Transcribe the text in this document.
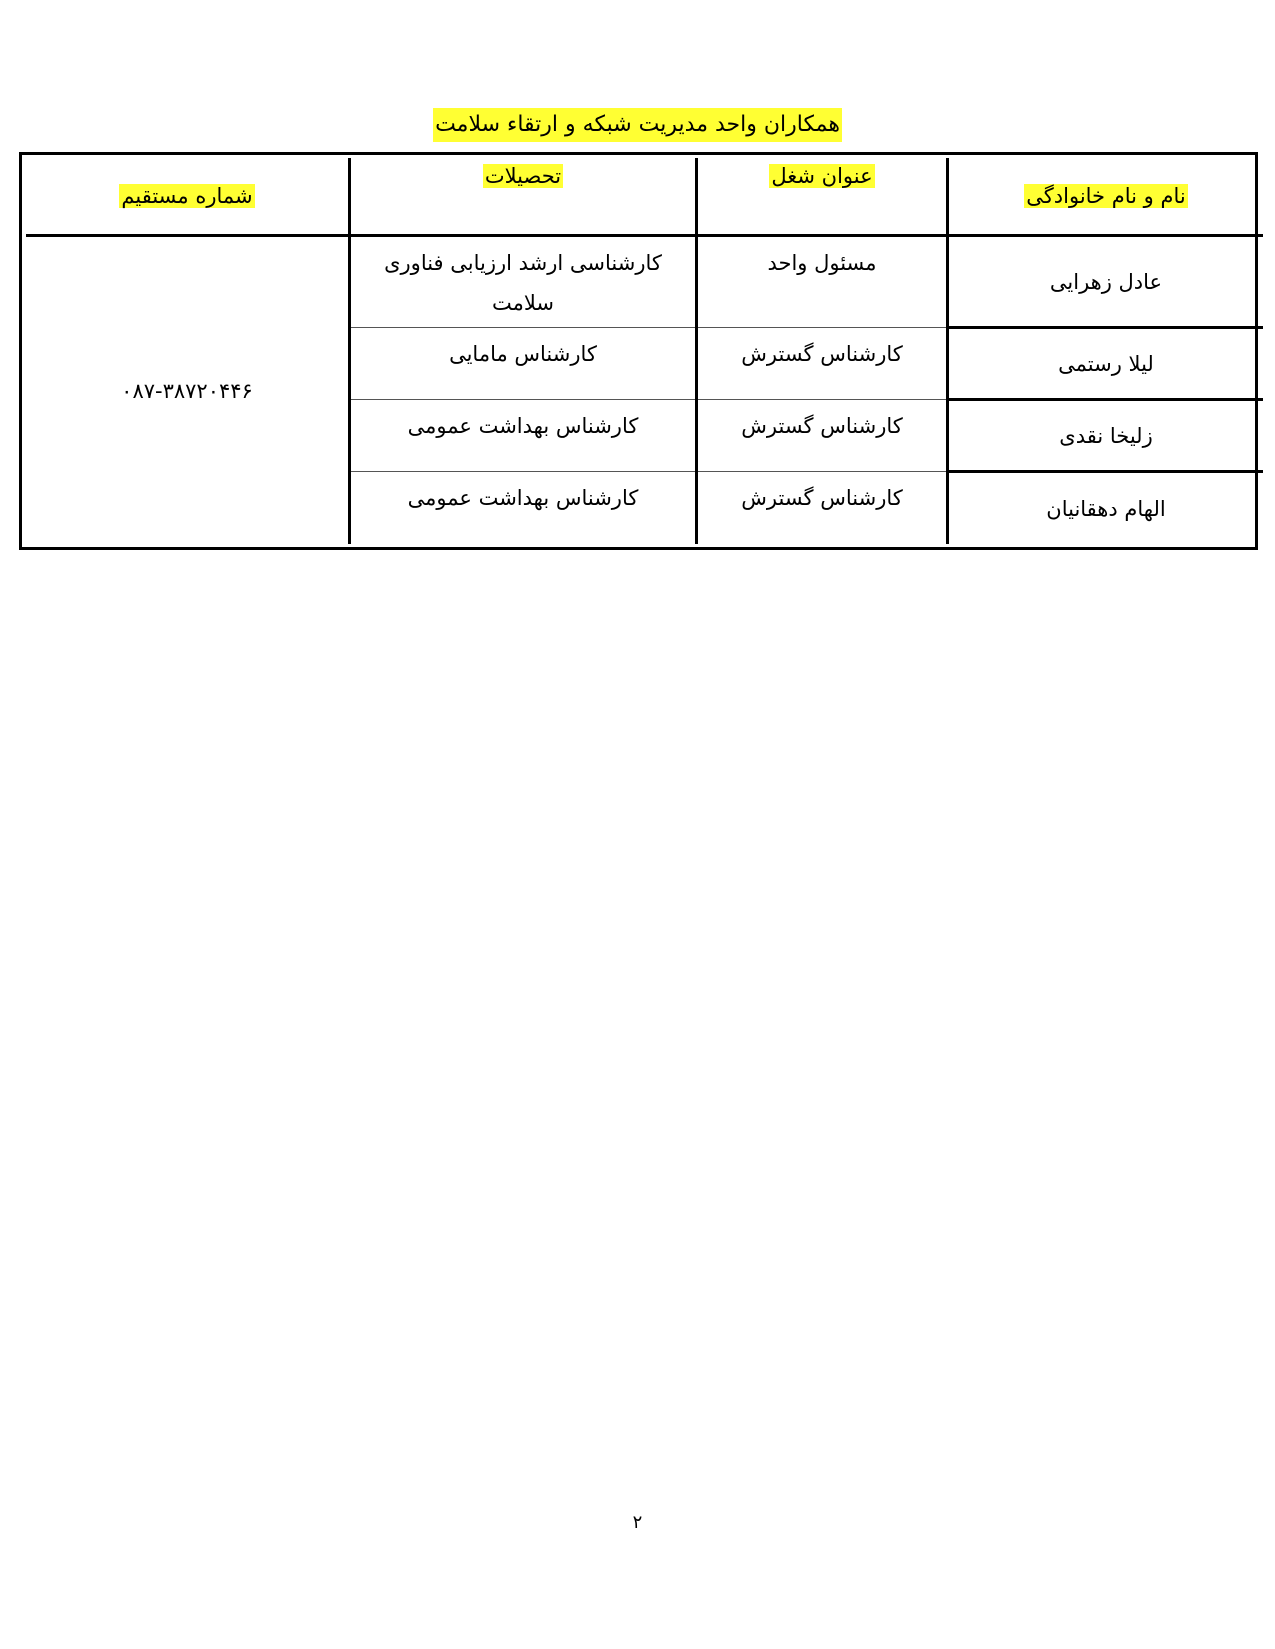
همکاران واحد مدیریت شبکه و ارتقاء سلامت
نام و نام خانوادگی	عنوان شغل	تحصیلات	شماره مستقیم
عادل زهرایی	مسئول واحد	کارشناسی ارشد ارزیابی فناوری سلامت	۰۸۷-۳۸۷۲۰۴۴۶
لیلا رستمی	کارشناس گسترش	کارشناس مامایی	
زلیخا نقدی	کارشناس گسترش	کارشناس بهداشت عمومی	
الهام دهقانیان	کارشناس گسترش	کارشناس بهداشت عمومی	
۲
